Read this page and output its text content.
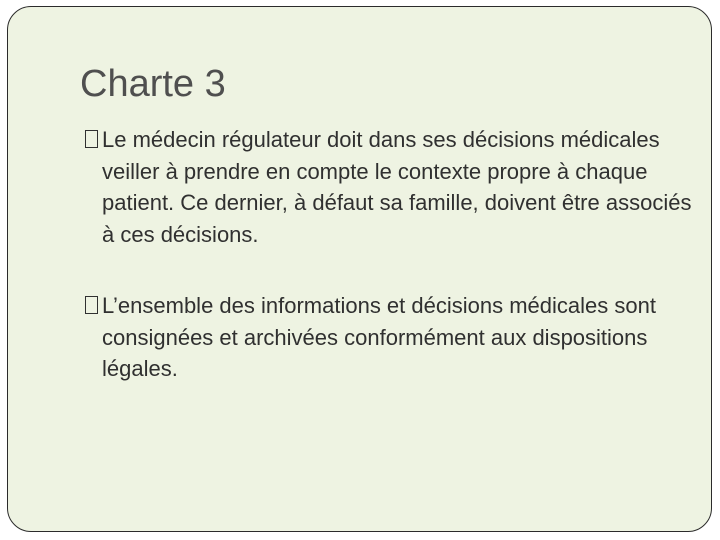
Charte 3
Le médecin régulateur doit dans ses décisions médicales veiller à prendre en compte le contexte propre à chaque patient. Ce dernier, à défaut sa famille, doivent être associés à ces décisions.
L’ensemble des informations et décisions médicales sont consignées et archivées conformément aux dispositions légales.
